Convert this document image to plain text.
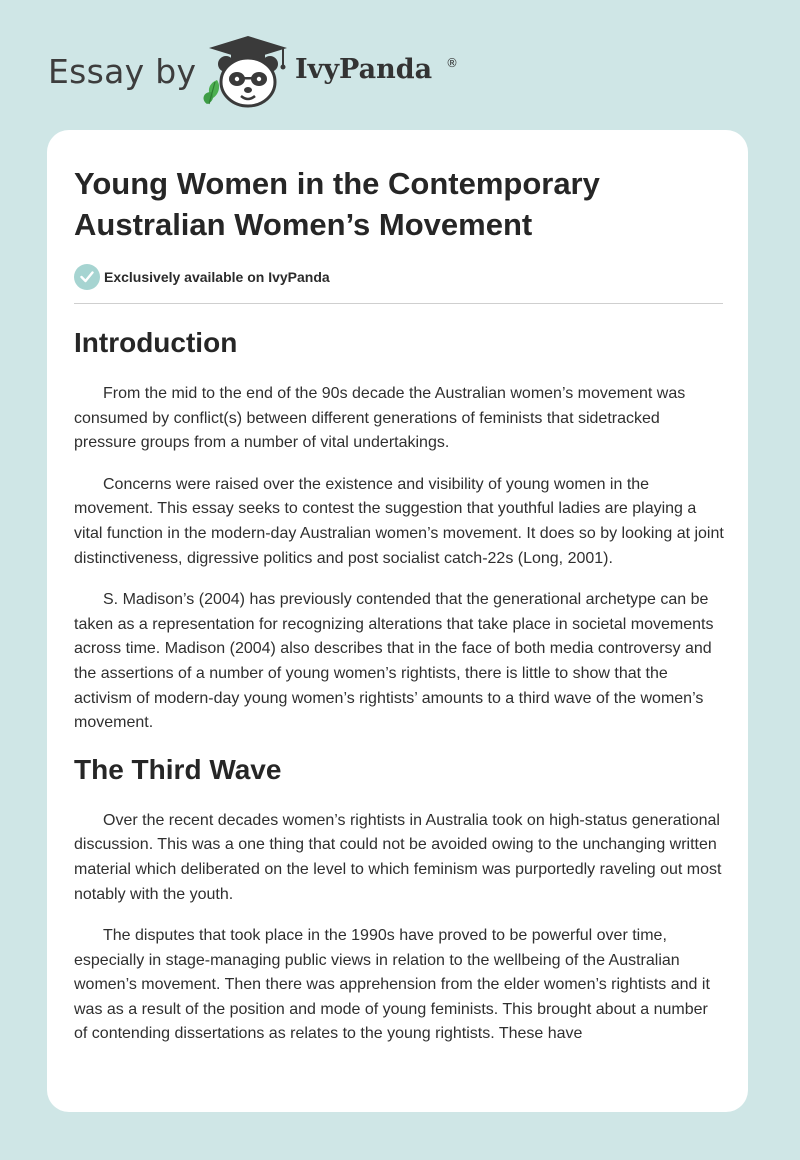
Essay by	IvyPanda ®
Young Women in the Contemporary Australian Women’s Movement
Exclusively available on IvyPanda
Introduction

From the mid to the end of the 90s decade the Australian women’s movement was consumed by conflict(s) between different generations of feminists that sidetracked pressure groups from a number of vital undertakings.

Concerns were raised over the existence and visibility of young women in the movement. This essay seeks to contest the suggestion that youthful ladies are playing a vital function in the modern-day Australian women’s movement. It does so by looking at joint distinctiveness, digressive politics and post socialist catch-22s (Long, 2001).

S. Madison’s (2004) has previously contended that the generational archetype can be taken as a representation for recognizing alterations that take place in societal movements across time. Madison (2004) also describes that in the face of both media controversy and the assertions of a number of young women’s rightists, there is little to show that the activism of modern-day young women’s rightists’ amounts to a third wave of the women’s movement.

The Third Wave

Over the recent decades women’s rightists in Australia took on high-status generational discussion. This was a one thing that could not be avoided owing to the unchanging written material which deliberated on the level to which feminism was purportedly raveling out most notably with the youth.

The disputes that took place in the 1990s have proved to be powerful over time, especially in stage-managing public views in relation to the wellbeing of the Australian women’s movement. Then there was apprehension from the elder women’s rightists and it was as a result of the position and mode of young feminists. This brought about a number of contending dissertations as relates to the young rightists. These have
